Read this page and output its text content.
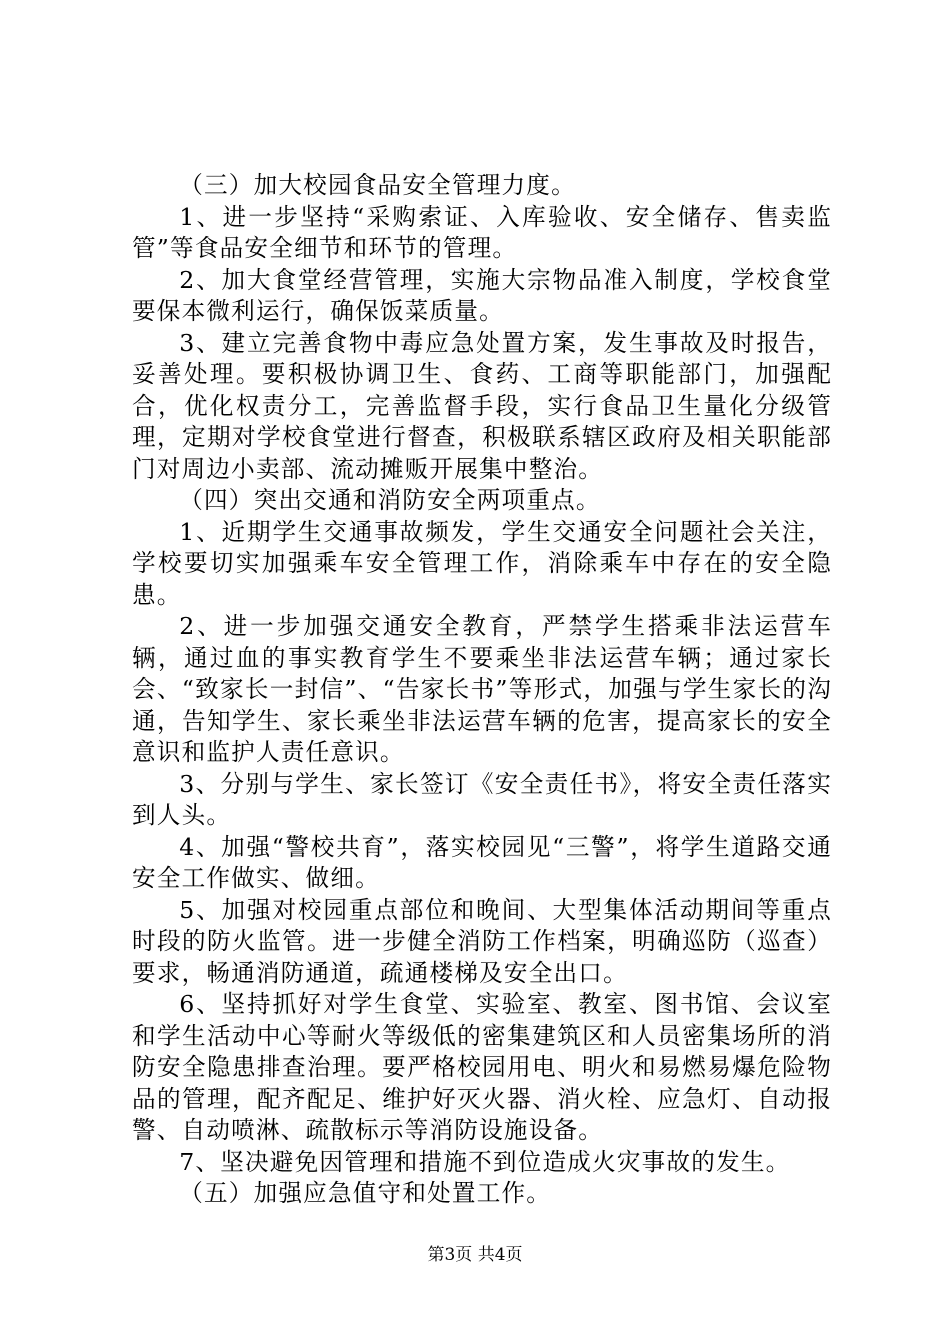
（三）加大校园食品安全管理力度。

1、进一步坚持“采购索证、入库验收、安全储存、售卖监管”等食品安全细节和环节的管理。

2、加大食堂经营管理，实施大宗物品准入制度，学校食堂要保本微利运行，确保饭菜质量。

3、建立完善食物中毒应急处置方案，发生事故及时报告，妥善处理。要积极协调卫生、食药、工商等职能部门，加强配合，优化权责分工，完善监督手段，实行食品卫生量化分级管理，定期对学校食堂进行督查，积极联系辖区政府及相关职能部门对周边小卖部、流动摊贩开展集中整治。

（四）突出交通和消防安全两项重点。

1、近期学生交通事故频发，学生交通安全问题社会关注，学校要切实加强乘车安全管理工作，消除乘车中存在的安全隐患。

2、进一步加强交通安全教育，严禁学生搭乘非法运营车辆，通过血的事实教育学生不要乘坐非法运营车辆；通过家长会、“致家长一封信”、“告家长书”等形式，加强与学生家长的沟通，告知学生、家长乘坐非法运营车辆的危害，提高家长的安全意识和监护人责任意识。

3、分别与学生、家长签订《安全责任书》，将安全责任落实到人头。

4、加强“警校共育”，落实校园见“三警”，将学生道路交通安全工作做实、做细。

5、加强对校园重点部位和晚间、大型集体活动期间等重点时段的防火监管。进一步健全消防工作档案，明确巡防（巡查）要求，畅通消防通道，疏通楼梯及安全出口。

6、坚持抓好对学生食堂、实验室、教室、图书馆、会议室和学生活动中心等耐火等级低的密集建筑区和人员密集场所的消防安全隐患排查治理。要严格校园用电、明火和易燃易爆危险物品的管理，配齐配足、维护好灭火器、消火栓、应急灯、自动报警、自动喷淋、疏散标示等消防设施设备。

7、坚决避免因管理和措施不到位造成火灾事故的发生。

（五）加强应急值守和处置工作。

第3页 共4页
